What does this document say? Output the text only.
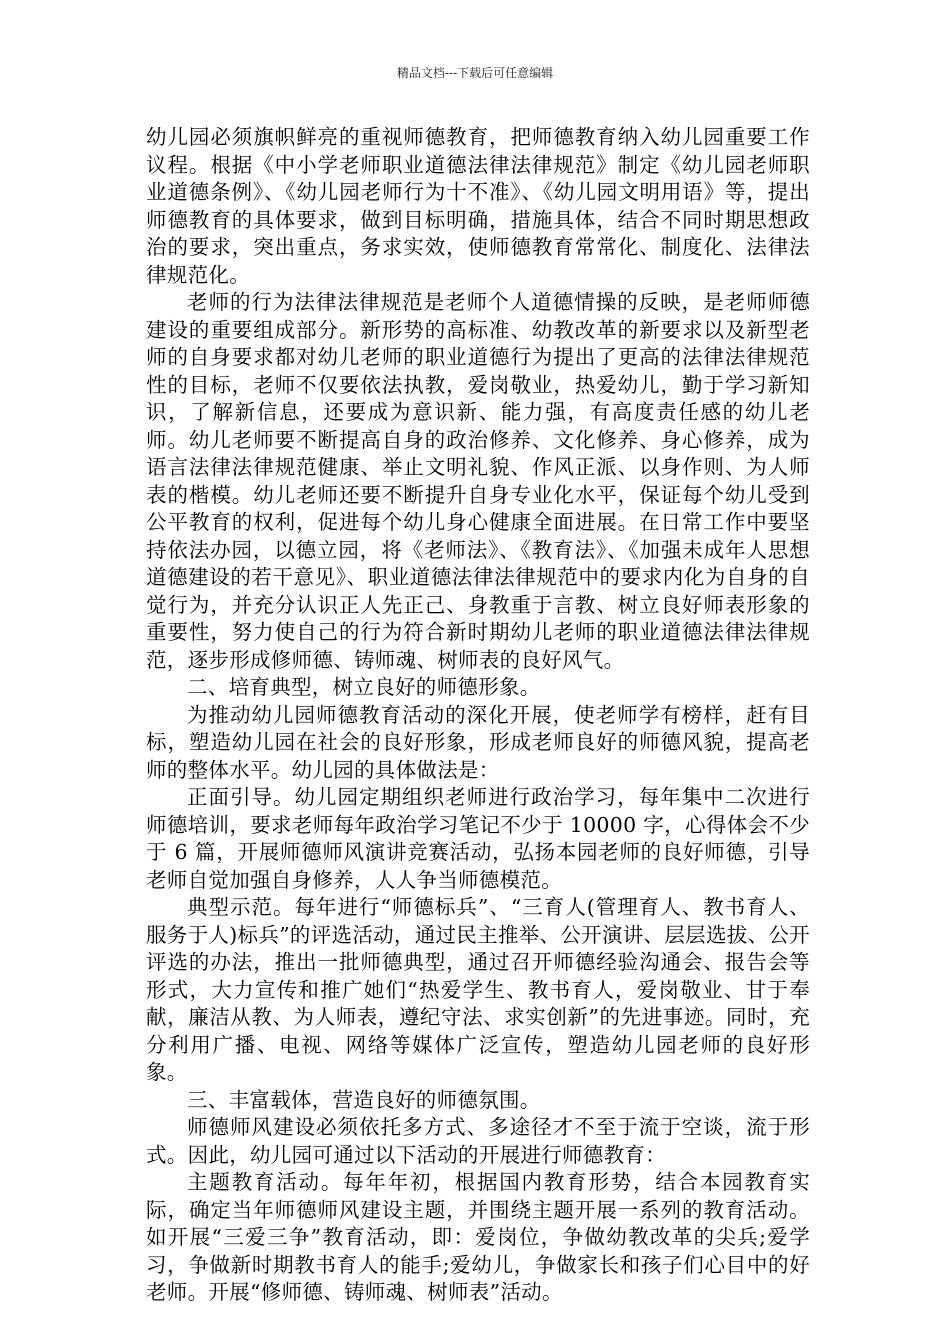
精品文档---下载后可任意编辑

幼儿园必须旗帜鲜亮的重视师德教育，把师德教育纳入幼儿园重要工作议程。根据《中小学老师职业道德法律法律规范》制定《幼儿园老师职业道德条例》、《幼儿园老师行为十不准》、《幼儿园文明用语》等，提出师德教育的具体要求，做到目标明确，措施具体，结合不同时期思想政治的要求，突出重点，务求实效，使师德教育常常化、制度化、法律法律规范化。

老师的行为法律法律规范是老师个人道德情操的反映，是老师师德建设的重要组成部分。新形势的高标准、幼教改革的新要求以及新型老师的自身要求都对幼儿老师的职业道德行为提出了更高的法律法律规范性的目标，老师不仅要依法执教，爱岗敬业，热爱幼儿，勤于学习新知识，了解新信息，还要成为意识新、能力强，有高度责任感的幼儿老师。幼儿老师要不断提高自身的政治修养、文化修养、身心修养，成为语言法律法律规范健康、举止文明礼貌、作风正派、以身作则、为人师表的楷模。幼儿老师还要不断提升自身专业化水平，保证每个幼儿受到公平教育的权利，促进每个幼儿身心健康全面进展。在日常工作中要坚持依法办园，以德立园，将《老师法》、《教育法》、《加强未成年人思想道德建设的若干意见》、职业道德法律法律规范中的要求内化为自身的自觉行为，并充分认识正人先正己、身教重于言教、树立良好师表形象的重要性，努力使自己的行为符合新时期幼儿老师的职业道德法律法律规范，逐步形成修师德、铸师魂、树师表的良好风气。

二、培育典型，树立良好的师德形象。

为推动幼儿园师德教育活动的深化开展，使老师学有榜样，赶有目标，塑造幼儿园在社会的良好形象，形成老师良好的师德风貌，提高老师的整体水平。幼儿园的具体做法是：

正面引导。幼儿园定期组织老师进行政治学习，每年集中二次进行师德培训，要求老师每年政治学习笔记不少于 10000 字，心得体会不少于 6 篇，开展师德师风演讲竞赛活动，弘扬本园老师的良好师德，引导老师自觉加强自身修养，人人争当师德模范。

典型示范。每年进行“师德标兵”、“三育人(管理育人、教书育人、服务于人)标兵”的评选活动，通过民主推举、公开演讲、层层选拔、公开评选的办法，推出一批师德典型，通过召开师德经验沟通会、报告会等形式，大力宣传和推广她们“热爱学生、教书育人，爱岗敬业、甘于奉献，廉洁从教、为人师表，遵纪守法、求实创新”的先进事迹。同时，充分利用广播、电视、网络等媒体广泛宣传，塑造幼儿园老师的良好形象。

三、丰富载体，营造良好的师德氛围。

师德师风建设必须依托多方式、多途径才不至于流于空谈，流于形式。因此，幼儿园可通过以下活动的开展进行师德教育：

主题教育活动。每年年初，根据国内教育形势，结合本园教育实际，确定当年师德师风建设主题，并围绕主题开展一系列的教育活动。如开展“三爱三争”教育活动，即：爱岗位，争做幼教改革的尖兵;爱学习，争做新时期教书育人的能手;爱幼儿，争做家长和孩子们心目中的好老师。开展“修师德、铸师魂、树师表”活动。
